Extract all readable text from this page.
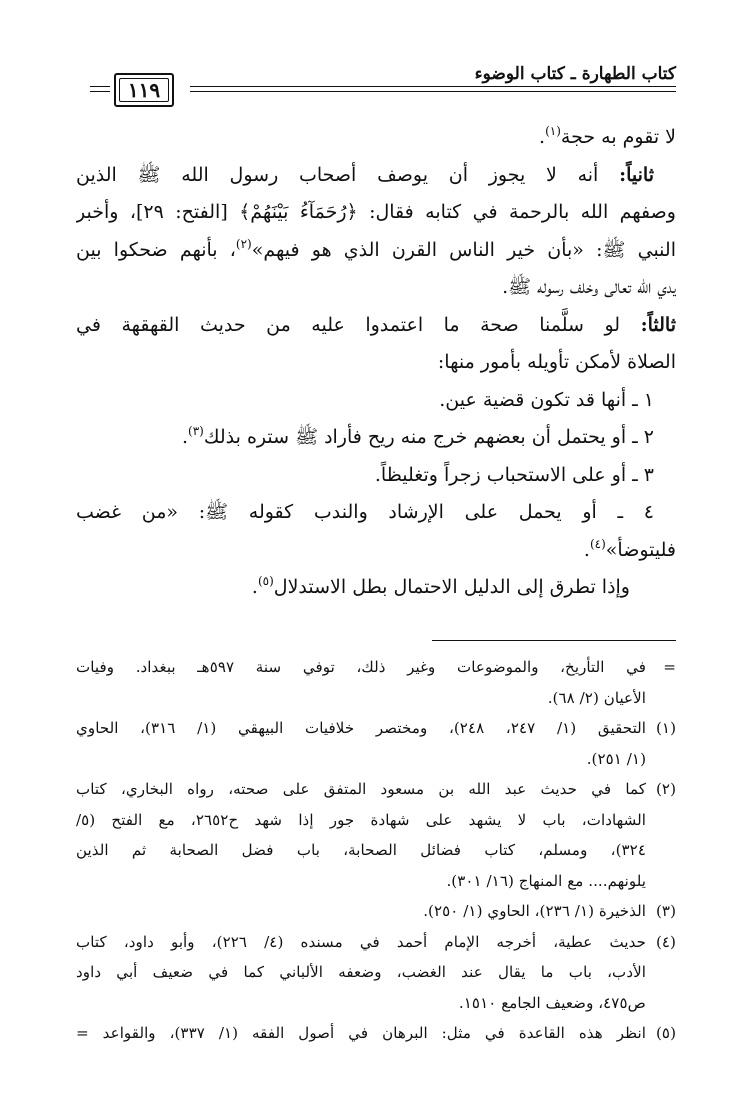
كتاب الطهارة ـ كتاب الوضوء
١١٩
لا تقوم به حجة$^{(١)}$.
ثانياً: أنه لا يجوز أن يوصف أصحاب رسول الله ﷺ الذين
وصفهم الله بالرحمة في كتابه فقال: ﴿رُحَمَآءُ بَيْنَهُمْ﴾ [الفتح: ٢٩]، وأخبر
النبي ﷺ: «بأن خير الناس القرن الذي هو فيهم»$^{(٢)}$، بأنهم ضحكوا بين
يدي الله تعالى وخلف رسوله ﷺ.
ثالثاً: لو سلَّمنا صحة ما اعتمدوا عليه من حديث القهقهة في
الصلاة لأمكن تأويله بأمور منها:
١ ـ أنها قد تكون قضية عين.
٢ ـ أو يحتمل أن بعضهم خرج منه ريح فأراد ﷺ ستره بذلك$^{(٣)}$.
٣ ـ أو على الاستحباب زجراً وتغليظاً.
٤ ـ أو يحمل على الإرشاد والندب كقوله ﷺ: «من غضب
فليتوضأ»$^{(٤)}$.
وإذا تطرق إلى الدليل الاحتمال بطل الاستدلال$^{(٥)}$.
=في التأريخ، والموضوعات وغير ذلك، توفي سنة ٥٩٧هـ ببغداد. وفيات
الأعيان (٢/ ٦٨).
(١)التحقيق (١/ ٢٤٧، ٢٤٨)، ومختصر خلافيات البيهقي (١/ ٣١٦)، الحاوي
(١/ ٢٥١).
(٢)كما في حديث عبد الله بن مسعود المتفق على صحته، رواه البخاري، كتاب
الشهادات، باب لا يشهد على شهادة جور إذا شهد ح٢٦٥٢، مع الفتح (٥/
٣٢٤)، ومسلم، كتاب فضائل الصحابة، باب فضل الصحابة ثم الذين
يلونهم.... مع المنهاج (١٦/ ٣٠١).
(٣)الذخيرة (١/ ٢٣٦)، الحاوي (١/ ٢٥٠).
(٤)حديث عطية، أخرجه الإمام أحمد في مسنده (٤/ ٢٢٦)، وأبو داود، كتاب
الأدب، باب ما يقال عند الغضب، وضعفه الألباني كما في ضعيف أبي داود
ص٤٧٥، وضعيف الجامع ١٥١٠.
(٥)انظر هذه القاعدة في مثل: البرهان في أصول الفقه (١/ ٣٣٧)، والقواعد =
